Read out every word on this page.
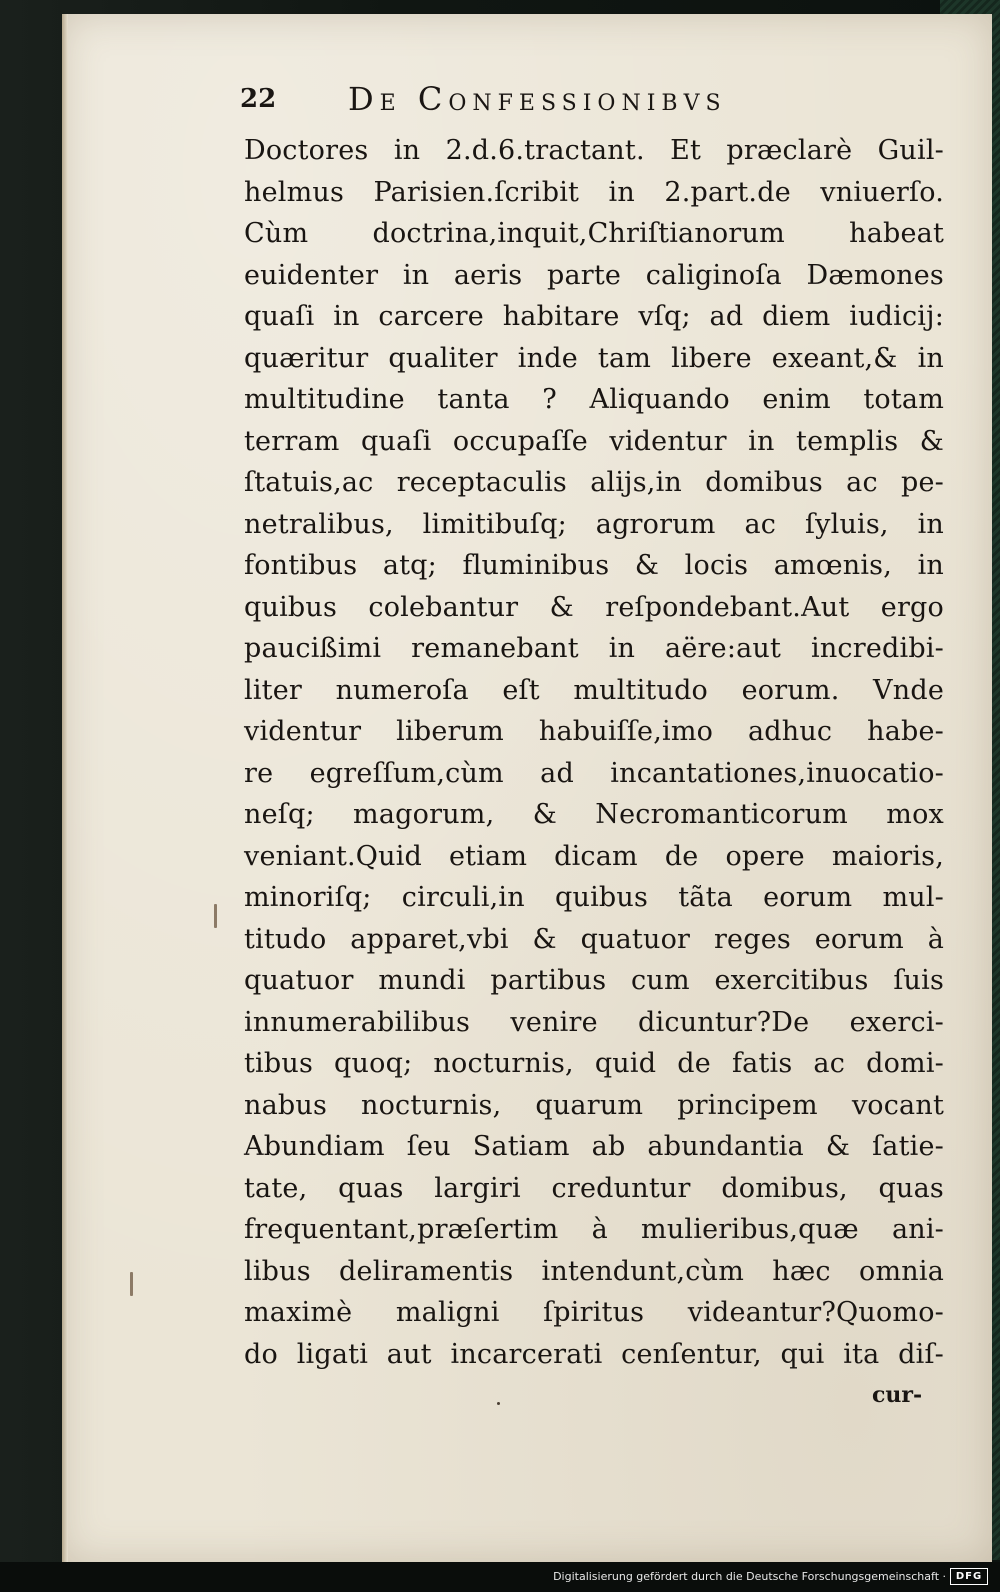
22 De Confessionibvs
Doctores in 2.d.6.tractant. Et præclarè Guil-
helmus Parisien.ſcribit in 2.part.de vniuerſo.
Cùm doctrina,inquit,Chriſtianorum habeat
euidenter in aeris parte caliginoſa Dæmones
quaſi in carcere habitare vſq; ad diem iudicij:
quæritur qualiter inde tam libere exeant,& in
multitudine tanta ? Aliquando enim totam
terram quaſi occupaſſe videntur in templis &
ſtatuis,ac receptaculis alijs,in domibus ac pe-
netralibus, limitibuſq; agrorum ac ſyluis, in
fontibus atq; fluminibus & locis amœnis, in
quibus colebantur & reſpondebant.Aut ergo
paucißimi remanebant in aëre:aut incredibi-
liter numeroſa eſt multitudo eorum. Vnde
videntur liberum habuiſſe,imo adhuc habe-
re egreſſum,cùm ad incantationes,inuocatio-
neſq; magorum, & Necromanticorum mox
veniant.Quid etiam dicam de opere maioris,
minoriſq; circuli,in quibus tãta eorum mul-
titudo apparet,vbi & quatuor reges eorum à
quatuor mundi partibus cum exercitibus ſuis
innumerabilibus venire dicuntur?De exerci-
tibus quoq; nocturnis, quid de fatis ac domi-
nabus nocturnis, quarum principem vocant
Abundiam ſeu Satiam ab abundantia & ſatie-
tate, quas largiri creduntur domibus, quas
frequentant,præſertim à mulieribus,quæ ani-
libus deliramentis intendunt,cùm hæc omnia
maximè maligni ſpiritus videantur?Quomo-
do ligati aut incarcerati cenſentur, qui ita diſ-
cur-
Digitalisierung gefördert durch die Deutsche Forschungsgemeinschaft · DFG
